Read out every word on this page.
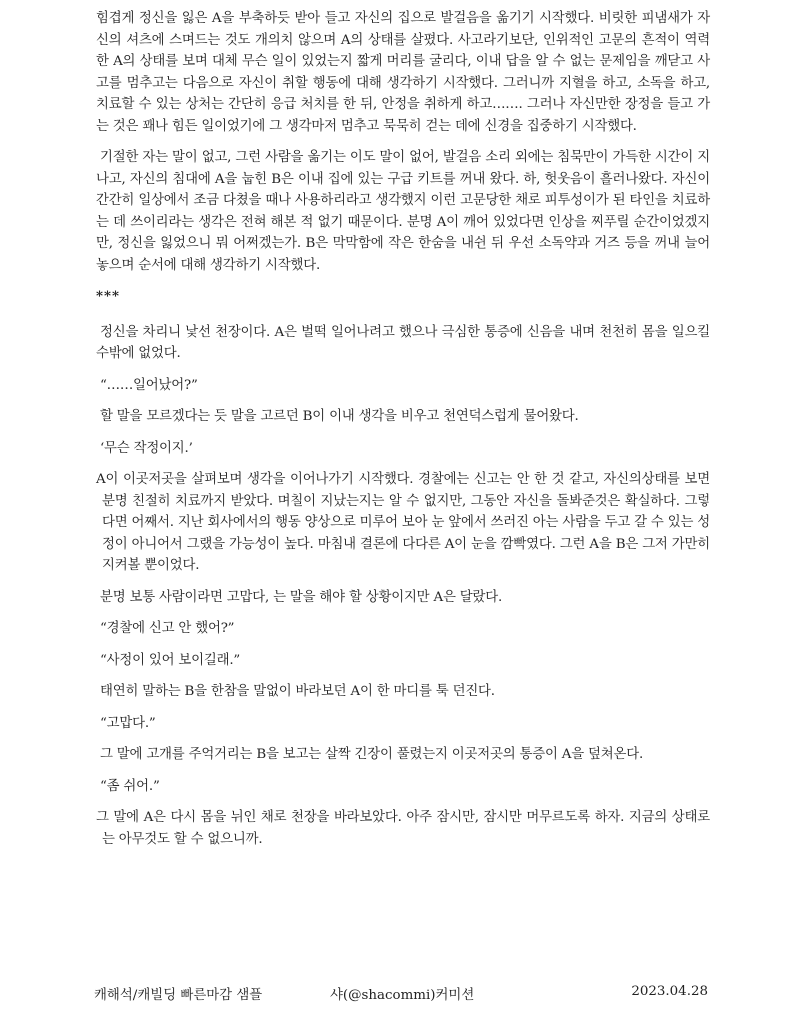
힘겹게 정신을 잃은 A을 부축하듯 받아 들고 자신의 집으로 발걸음을 옮기기 시작했다. 비릿한 피냄새가 자신의 셔츠에 스며드는 것도 개의치 않으며 A의 상태를 살폈다. 사고라기보단, 인위적인 고문의 흔적이 역력한 A의 상태를 보며 대체 무슨 일이 있었는지 짧게 머리를 굴리다, 이내 답을 알 수 없는 문제임을 깨닫고 사고를 멈추고는 다음으로 자신이 취할 행동에 대해 생각하기 시작했다. 그러니까 지혈을 하고, 소독을 하고, 치료할 수 있는 상처는 간단히 응급 처치를 한 뒤, 안정을 취하게 하고……. 그러나 자신만한 장정을 들고 가는 것은 꽤나 힘든 일이었기에 그 생각마저 멈추고 묵묵히 걷는 데에 신경을 집중하기 시작했다.

기절한 자는 말이 없고, 그런 사람을 옮기는 이도 말이 없어, 발걸음 소리 외에는 침묵만이 가득한 시간이 지나고, 자신의 침대에 A을 눕힌 B은 이내 집에 있는 구급 키트를 꺼내 왔다. 하, 헛웃음이 흘러나왔다. 자신이 간간히 일상에서 조금 다쳤을 때나 사용하리라고 생각했지 이런 고문당한 채로 피투성이가 된 타인을 치료하는 데 쓰이리라는 생각은 전혀 해본 적 없기 때문이다. 분명 A이 깨어 있었다면 인상을 찌푸릴 순간이었겠지만, 정신을 잃었으니 뭐 어쩌겠는가. B은 막막함에 작은 한숨을 내쉰 뒤 우선 소독약과 거즈 등을 꺼내 늘어놓으며 순서에 대해 생각하기 시작했다.

***

정신을 차리니 낯선 천장이다. A은 벌떡 일어나려고 했으나 극심한 통증에 신음을 내며 천천히 몸을 일으킬 수밖에 없었다.

“……일어났어?”

할 말을 모르겠다는 듯 말을 고르던 B이 이내 생각을 비우고 천연덕스럽게 물어왔다.

‘무슨 작정이지.’

A이 이곳저곳을 살펴보며 생각을 이어나가기 시작했다. 경찰에는 신고는 안 한 것 같고, 자신의상태를 보면 분명 친절히 치료까지 받았다. 며칠이 지났는지는 알 수 없지만, 그동안 자신을 돌봐준것은 확실하다. 그렇다면 어째서. 지난 회사에서의 행동 양상으로 미루어 보아 눈 앞에서 쓰러진 아는 사람을 두고 갈 수 있는 성정이 아니어서 그랬을 가능성이 높다. 마침내 결론에 다다른 A이 눈을 깜빡였다. 그런 A을 B은 그저 가만히 지켜볼 뿐이었다.

분명 보통 사람이라면 고맙다, 는 말을 해야 할 상황이지만 A은 달랐다.

“경찰에 신고 안 했어?”

“사정이 있어 보이길래.”

태연히 말하는 B을 한참을 말없이 바라보던 A이 한 마디를 툭 던진다.

“고맙다.”

그 말에 고개를 주억거리는 B을 보고는 살짝 긴장이 풀렸는지 이곳저곳의 통증이 A을 덮쳐온다.

“좀 쉬어.”

그 말에 A은 다시 몸을 뉘인 채로 천장을 바라보았다. 아주 잠시만, 잠시만 머무르도록 하자. 지금의 상태로는 아무것도 할 수 없으니까.

캐해석/캐빌딩 빠른마감 샘플	샤(@shacommi)커미션	2023.04.28
